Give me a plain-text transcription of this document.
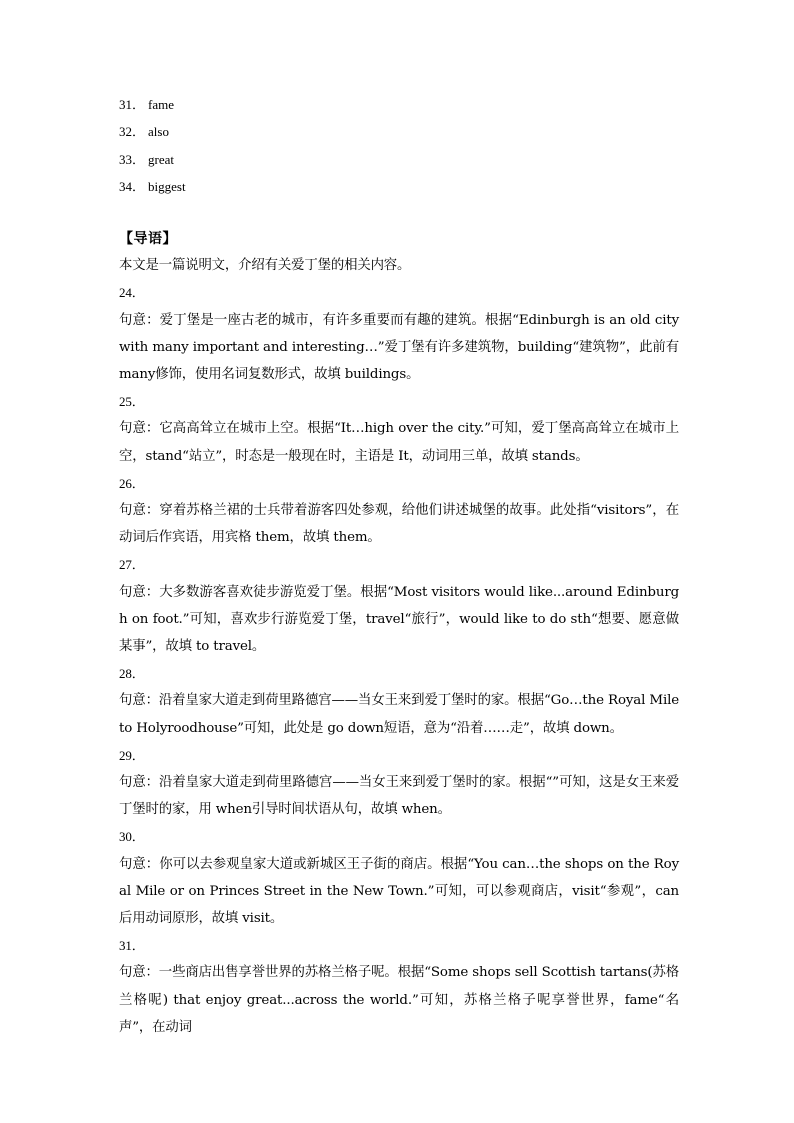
31． fame
32． also
33． great
34． biggest
【导语】

本文是一篇说明文，介绍有关爱丁堡的相关内容。

24．

句意：爱丁堡是一座古老的城市，有许多重要而有趣的建筑。根据“Edinburgh is an old city with many important and interesting…”爱丁堡有许多建筑物，building“建筑物”，此前有many修饰，使用名词复数形式，故填 buildings。

25．

句意：它高高耸立在城市上空。根据“It…high over the city.”可知，爱丁堡高高耸立在城市上空，stand“站立”，时态是一般现在时，主语是 It，动词用三单，故填 stands。

26．

句意：穿着苏格兰裙的士兵带着游客四处参观，给他们讲述城堡的故事。此处指“visitors”，在动词后作宾语，用宾格 them，故填 them。

27．

句意：大多数游客喜欢徒步游览爱丁堡。根据“Most visitors would like...around Edinburgh on foot.”可知，喜欢步行游览爱丁堡，travel“旅行”，would like to do sth“想要、愿意做某事”，故填 to travel。

28．

句意：沿着皇家大道走到荷里路德宫——当女王来到爱丁堡时的家。根据“Go…the Royal Mile to Holyroodhouse”可知，此处是 go down短语，意为“沿着……走”，故填 down。

29．

句意：沿着皇家大道走到荷里路德宫——当女王来到爱丁堡时的家。根据“”可知，这是女王来爱丁堡时的家，用 when引导时间状语从句，故填 when。

30．

句意：你可以去参观皇家大道或新城区王子街的商店。根据“You can…the shops on the Royal Mile or on Princes Street in the New Town.”可知，可以参观商店，visit“参观”，can后用动词原形，故填 visit。

31．

句意：一些商店出售享誉世界的苏格兰格子呢。根据“Some shops sell Scottish tartans(苏格兰格呢) that enjoy great...across the world.”可知，苏格兰格子呢享誉世界，fame“名声”，在动词
